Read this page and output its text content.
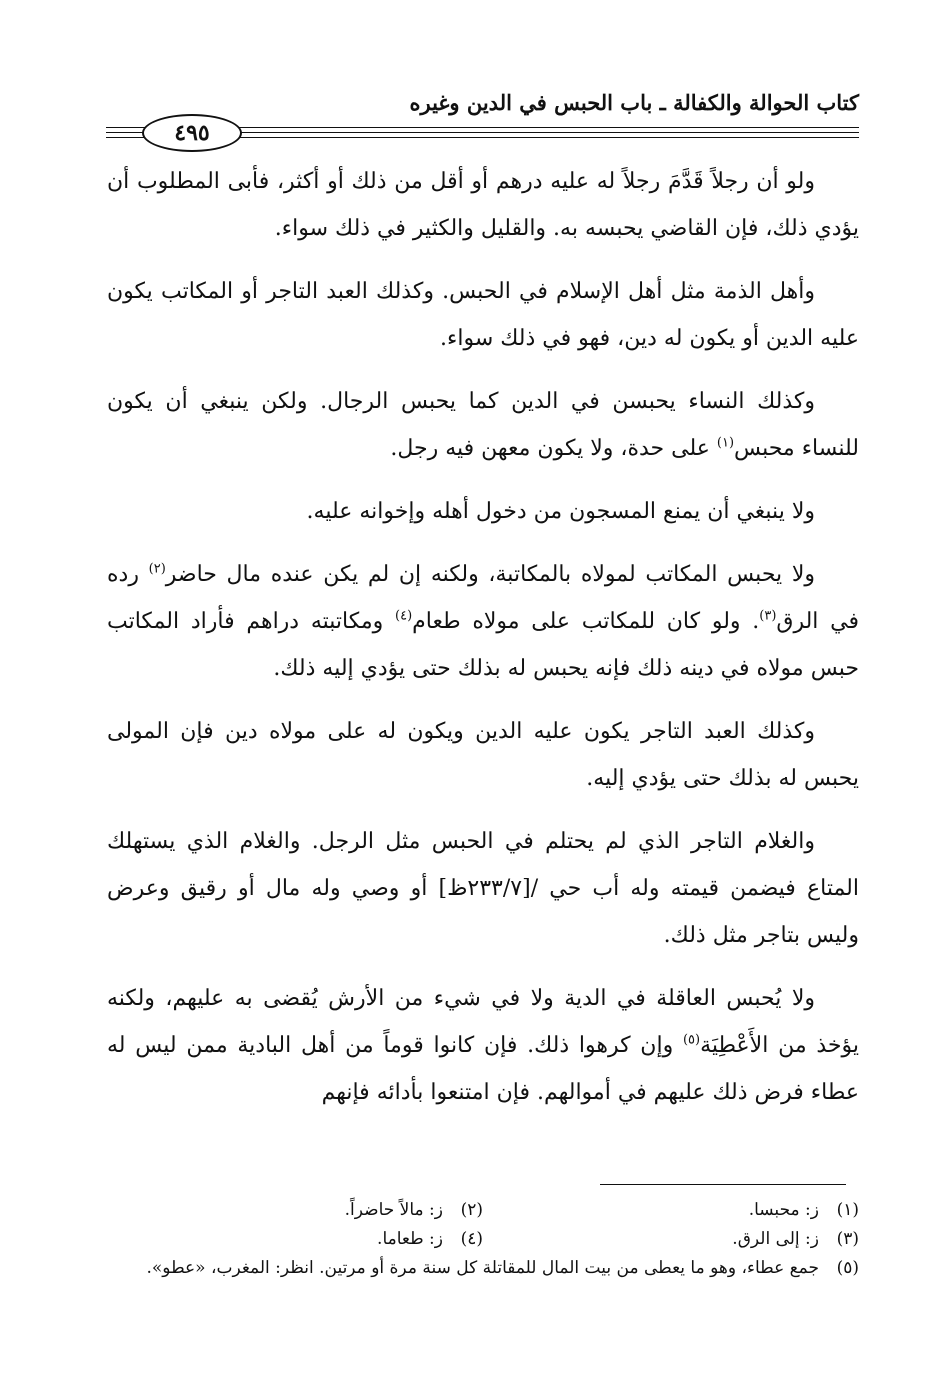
كتاب الحوالة والكفالة ـ باب الحبس في الدين وغيره
٤٩٥

ولو أن رجلاً قَدَّمَ رجلاً له عليه درهم أو أقل من ذلك أو أكثر، فأبى المطلوب أن يؤدي ذلك، فإن القاضي يحبسه به. والقليل والكثير في ذلك سواء.

وأهل الذمة مثل أهل الإسلام في الحبس. وكذلك العبد التاجر أو المكاتب يكون عليه الدين أو يكون له دين، فهو في ذلك سواء.

وكذلك النساء يحبسن في الدين كما يحبس الرجال. ولكن ينبغي أن يكون للنساء محبس$^{(١)}$ على حدة، ولا يكون معهن فيه رجل.

ولا ينبغي أن يمنع المسجون من دخول أهله وإخوانه عليه.

ولا يحبس المكاتب لمولاه بالمكاتبة، ولكنه إن لم يكن عنده مال حاضر$^{(٢)}$ رده في الرق$^{(٣)}$. ولو كان للمكاتب على مولاه طعام$^{(٤)}$ ومكاتبته دراهم فأراد المكاتب حبس مولاه في دينه ذلك فإنه يحبس له بذلك حتى يؤدي إليه ذلك.

وكذلك العبد التاجر يكون عليه الدين ويكون له على مولاه دين فإن المولى يحبس له بذلك حتى يؤدي إليه.

والغلام التاجر الذي لم يحتلم في الحبس مثل الرجل. والغلام الذي يستهلك المتاع فيضمن قيمته وله أب حي /[٢٣٣/٧ظ] أو وصي وله مال أو رقيق وعرض وليس بتاجر مثل ذلك.

ولا يُحبس العاقلة في الدية ولا في شيء من الأرش يُقضى به عليهم، ولكنه يؤخذ من الأَعْطِيَة$^{(٥)}$ وإن كرهوا ذلك. فإن كانوا قوماً من أهل البادية ممن ليس له عطاء فرض ذلك عليهم في أموالهم. فإن امتنعوا بأدائه فإنهم

(١)ز: محبسا.
(٢)ز: مالاً حاضراً.
(٣)ز: إلى الرق.
(٤)ز: طعاما.
(٥)جمع عطاء، وهو ما يعطى من بيت المال للمقاتلة كل سنة مرة أو مرتين. انظر: المغرب، «عطو».
